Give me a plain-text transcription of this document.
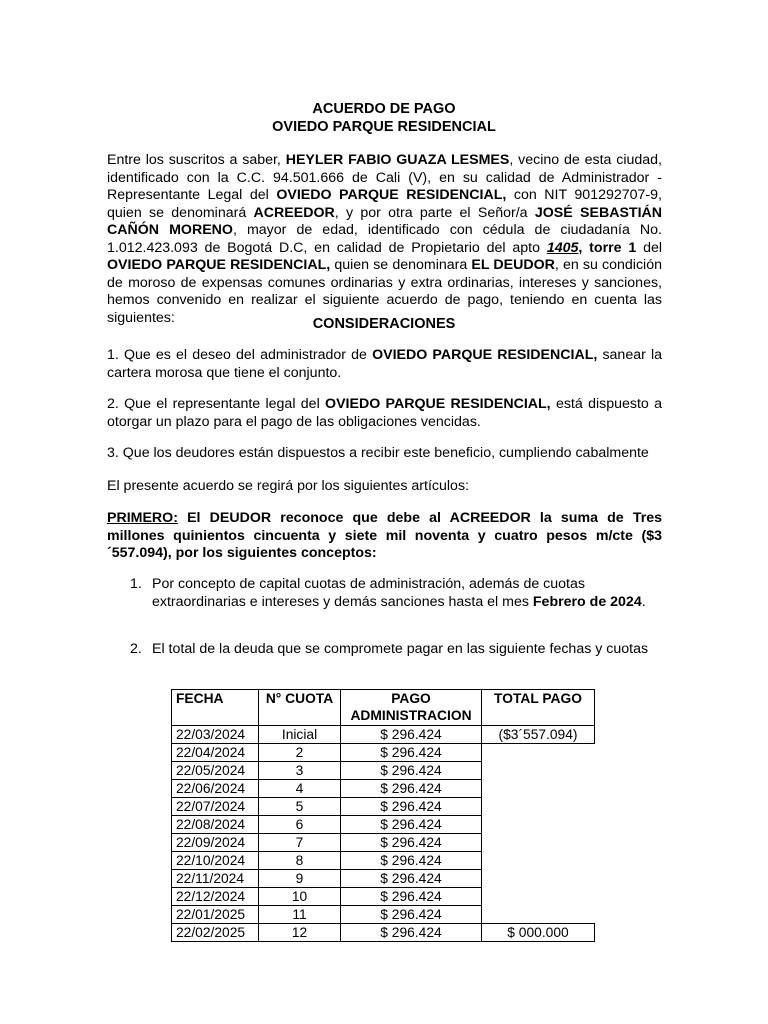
ACUERDO DE PAGO
OVIEDO PARQUE RESIDENCIAL
Entre los suscritos a saber, HEYLER FABIO GUAZA LESMES, vecino de esta ciudad, identificado con la C.C. 94.501.666 de Cali (V), en su calidad de Administrador - Representante Legal del OVIEDO PARQUE RESIDENCIAL, con NIT 901292707-9, quien se denominará ACREEDOR, y por otra parte el Señor/a JOSÉ SEBASTIÁN CAÑÓN MORENO, mayor de edad, identificado con cédula de ciudadanía No. 1.012.423.093 de Bogotá D.C, en calidad de Propietario del apto 1405, torre 1 del OVIEDO PARQUE RESIDENCIAL, quien se denominara EL DEUDOR, en su condición de moroso de expensas comunes ordinarias y extra ordinarias, intereses y sanciones, hemos convenido en realizar el siguiente acuerdo de pago, teniendo en cuenta las siguientes:	CONSIDERACIONES
1. Que es el deseo del administrador de OVIEDO PARQUE RESIDENCIAL, sanear la cartera morosa que tiene el conjunto.
2. Que el representante legal del OVIEDO PARQUE RESIDENCIAL, está dispuesto a otorgar un plazo para el pago de las obligaciones vencidas.
3. Que los deudores están dispuestos a recibir este beneficio, cumpliendo cabalmente
El presente acuerdo se regirá por los siguientes artículos:
PRIMERO: El DEUDOR reconoce que debe al ACREEDOR la suma de Tres millones quinientos cincuenta y siete mil noventa y cuatro pesos m/cte ($3´557.094), por los siguientes conceptos:
1. Por concepto de capital cuotas de administración, además de cuotas extraordinarias e intereses y demás sanciones hasta el mes Febrero de 2024.
2. El total de la deuda que se compromete pagar en las siguiente fechas y cuotas
FECHA	N° CUOTA	PAGO ADMINISTRACION	TOTAL PAGO
22/03/2024	Inicial	$ 296.424	($3´557.094)
22/04/2024	2	$ 296.424	
22/05/2024	3	$ 296.424	
22/06/2024	4	$ 296.424	
22/07/2024	5	$ 296.424	
22/08/2024	6	$ 296.424	
22/09/2024	7	$ 296.424	
22/10/2024	8	$ 296.424	
22/11/2024	9	$ 296.424	
22/12/2024	10	$ 296.424	
22/01/2025	11	$ 296.424	
22/02/2025	12	$ 296.424	$ 000.000
